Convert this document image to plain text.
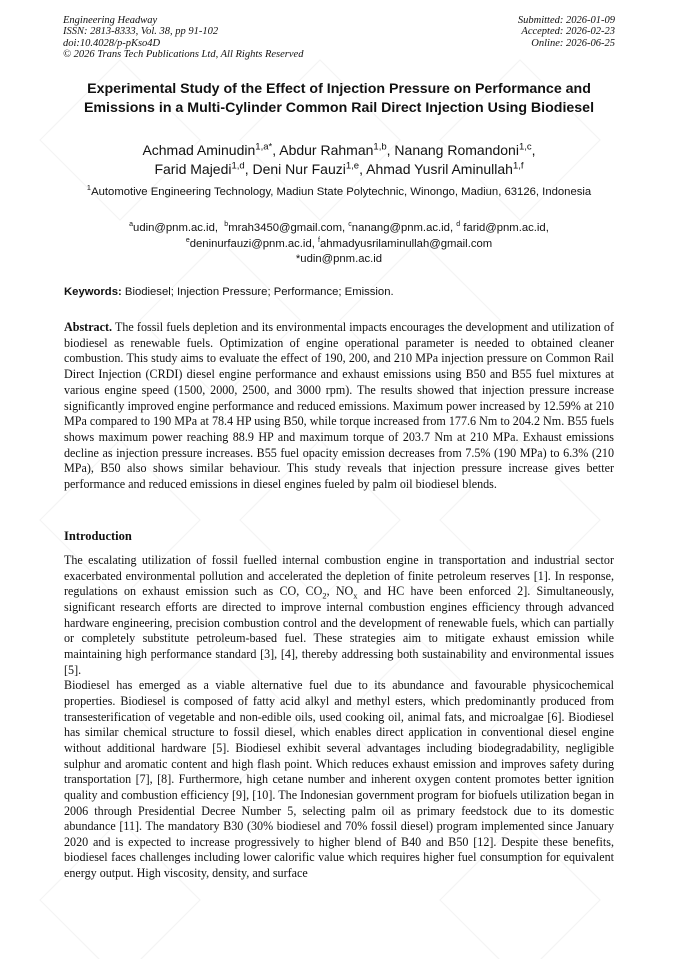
Engineering Headway
ISSN: 2813-8333, Vol. 38, pp 91-102
doi:10.4028/p-pKso4D
© 2026 Trans Tech Publications Ltd, All Rights Reserved
Submitted: 2026-01-09
Accepted: 2026-02-23
Online: 2026-06-25
Experimental Study of the Effect of Injection Pressure on Performance and Emissions in a Multi-Cylinder Common Rail Direct Injection Using Biodiesel
Achmad Aminudin$^{1,a*}$, Abdur Rahman$^{1,b}$, Nanang Romandoni$^{1,c}$,
Farid Majedi$^{1,d}$, Deni Nur Fauzi$^{1,e}$, Ahmad Yusril Aminullah$^{1,f}$
$^1$Automotive Engineering Technology, Madiun State Polytechnic, Winongo, Madiun, 63126, Indonesia
$^a$udin@pnm.ac.id,  $^b$mrah3450@gmail.com, $^c$nanang@pnm.ac.id, $^d$ farid@pnm.ac.id,
$^e$deninurfauzi@pnm.ac.id, $^f$ahmadyusrilaminullah@gmail.com
*udin@pnm.ac.id
Keywords: Biodiesel; Injection Pressure; Performance; Emission.

Abstract. The fossil fuels depletion and its environmental impacts encourages the development and utilization of biodiesel as renewable fuels. Optimization of engine operational parameter is needed to obtained cleaner combustion. This study aims to evaluate the effect of 190, 200, and 210 MPa injection pressure on Common Rail Direct Injection (CRDI) diesel engine performance and exhaust emissions using B50 and B55 fuel mixtures at various engine speed (1500, 2000, 2500, and 3000 rpm). The results showed that injection pressure increase significantly improved engine performance and reduced emissions. Maximum power increased by 12.59% at 210 MPa compared to 190 MPa at 78.4 HP using B50, while torque increased from 177.6 Nm to 204.2 Nm. B55 fuels shows maximum power reaching 88.9 HP and maximum torque of 203.7 Nm at 210 MPa. Exhaust emissions decline as injection pressure increases. B55 fuel opacity emission decreases from 7.5% (190 MPa) to 6.3% (210 MPa), B50 also shows similar behaviour. This study reveals that injection pressure increase gives better performance and reduced emissions in diesel engines fueled by palm oil biodiesel blends.

Introduction

The escalating utilization of fossil fuelled internal combustion engine in transportation and industrial sector exacerbated environmental pollution and accelerated the depletion of finite petroleum reserves [1]. In response, regulations on exhaust emission such as CO, $CO_2$, $NO_x$ and HC have been enforced 2]. Simultaneously, significant research efforts are directed to improve internal combustion engines efficiency through advanced hardware engineering, precision combustion control and the development of renewable fuels, which can partially or completely substitute petroleum-based fuel. These strategies aim to mitigate exhaust emission while maintaining high performance standard [3], [4], thereby addressing both sustainability and environmental issues [5].

Biodiesel has emerged as a viable alternative fuel due to its abundance and favourable physicochemical properties. Biodiesel is composed of fatty acid alkyl and methyl esters, which predominantly produced from transesterification of vegetable and non-edible oils, used cooking oil, animal fats, and microalgae [6]. Biodiesel has similar chemical structure to fossil diesel, which enables direct application in conventional diesel engine without additional hardware [5]. Biodiesel exhibit several advantages including biodegradability, negligible sulphur and aromatic content and high flash point. Which reduces exhaust emission and improves safety during transportation [7], [8]. Furthermore, high cetane number and inherent oxygen content promotes better ignition quality and combustion efficiency [9], [10]. The Indonesian government program for biofuels utilization began in 2006 through Presidential Decree Number 5, selecting palm oil as primary feedstock due to its domestic abundance [11]. The mandatory B30 (30% biodiesel and 70% fossil diesel) program implemented since January 2020 and is expected to increase progressively to higher blend of B40 and B50 [12]. Despite these benefits, biodiesel faces challenges including lower calorific value which requires higher fuel consumption for equivalent energy output. High viscosity, density, and surface
